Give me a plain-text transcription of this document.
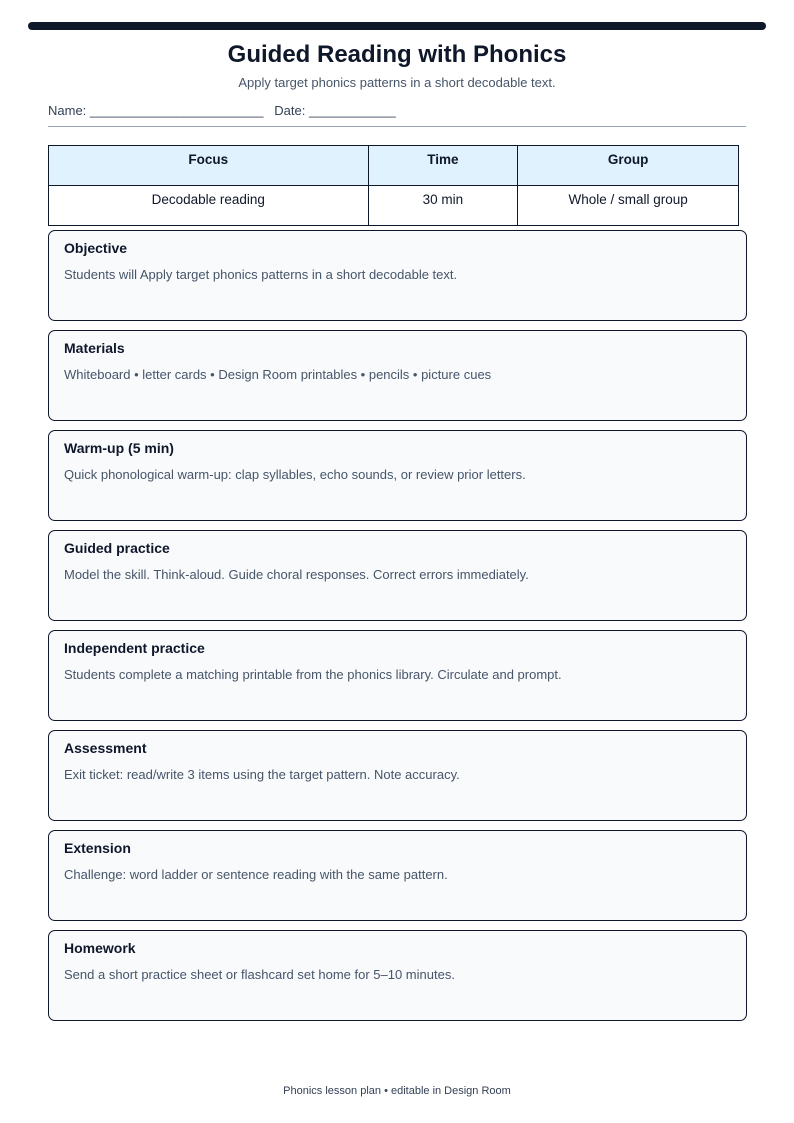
Guided Reading with Phonics
Apply target phonics patterns in a short decodable text.
Name: ________________________ Date: ____________
Focus	Time	Group
Decodable reading	30 min	Whole / small group
Objective
Students will Apply target phonics patterns in a short decodable text.
Materials
Whiteboard • letter cards • Design Room printables • pencils • picture cues
Warm-up (5 min)
Quick phonological warm-up: clap syllables, echo sounds, or review prior letters.
Guided practice
Model the skill. Think-aloud. Guide choral responses. Correct errors immediately.
Independent practice
Students complete a matching printable from the phonics library. Circulate and prompt.
Assessment
Exit ticket: read/write 3 items using the target pattern. Note accuracy.
Extension
Challenge: word ladder or sentence reading with the same pattern.
Homework
Send a short practice sheet or flashcard set home for 5–10 minutes.
Phonics lesson plan • editable in Design Room
